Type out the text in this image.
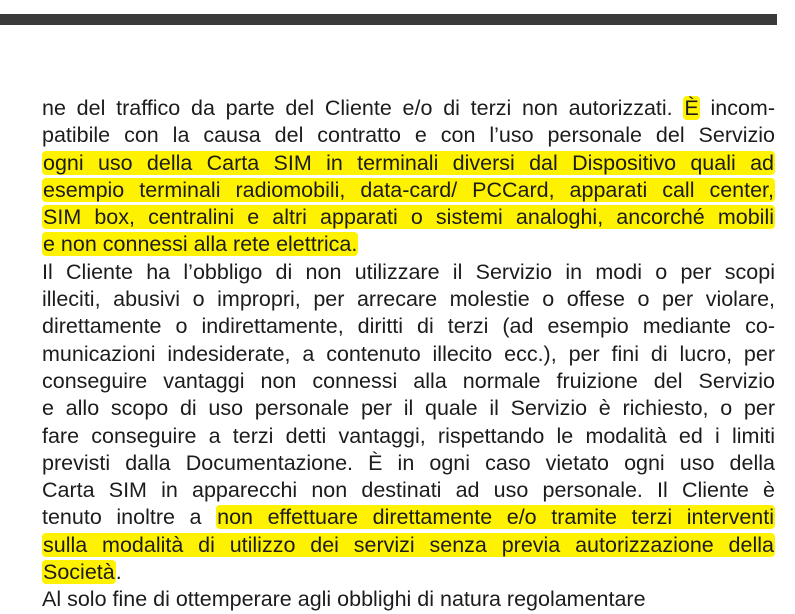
ne del traffico da parte del Cliente e/o di terzi non autorizzati. È incom-
patibile con la causa del contratto e con l’uso personale del Servizio
ogni uso della Carta SIM in terminali diversi dal Dispositivo quali ad
esempio terminali radiomobili, data-card/ PCCard, apparati call center,
SIM box, centralini e altri apparati o sistemi analoghi, ancorché mobili
e non connessi alla rete elettrica.
Il Cliente ha l’obbligo di non utilizzare il Servizio in modi o per scopi
illeciti, abusivi o impropri, per arrecare molestie o offese o per violare,
direttamente o indirettamente, diritti di terzi (ad esempio mediante co-
municazioni indesiderate, a contenuto illecito ecc.), per fini di lucro, per
conseguire vantaggi non connessi alla normale fruizione del Servizio
e allo scopo di uso personale per il quale il Servizio è richiesto, o per
fare conseguire a terzi detti vantaggi, rispettando le modalità ed i limiti
previsti dalla Documentazione. È in ogni caso vietato ogni uso della
Carta SIM in apparecchi non destinati ad uso personale. Il Cliente è
tenuto inoltre a non effettuare direttamente e/o tramite terzi interventi
sulla modalità di utilizzo dei servizi senza previa autorizzazione della
Società.
Al solo fine di ottemperare agli obblighi di natura regolamentare
